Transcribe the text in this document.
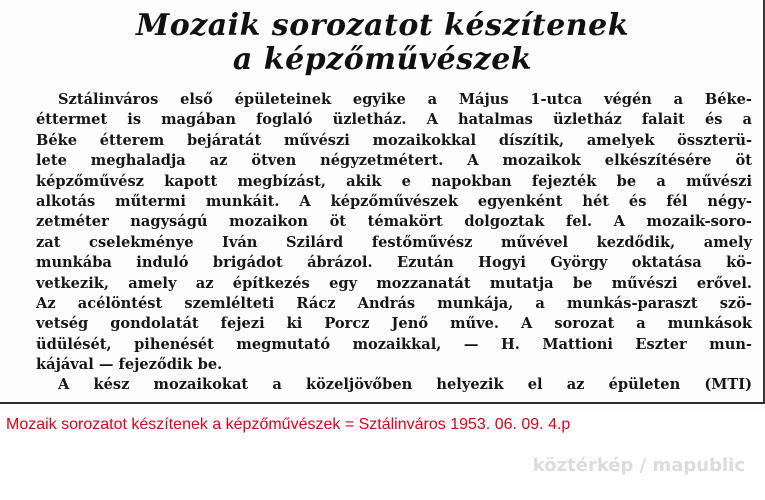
Mozaik sorozatot készítenek
a képzőművészek
Sztálinváros első épületeinek egyike a Május 1-utca végén a Béke-
éttermet is magában foglaló üzletház. A hatalmas üzletház falait és a
Béke étterem bejáratát művészi mozaikokkal díszítik, amelyek összterü-
lete meghaladja az ötven négyzetmétert. A mozaikok elkészítésére öt
képzőművész kapott megbízást, akik e napokban fejezték be a művészi
alkotás műtermi munkáit. A képzőművészek egyenként hét és fél négy-
zetméter nagyságú mozaikon öt témakört dolgoztak fel. A mozaik-soro-
zat cselekménye Iván Szilárd festőművész művével kezdődik, amely
munkába induló brigádot ábrázol. Ezután Hogyi György oktatása kö-
vetkezik, amely az építkezés egy mozzanatát mutatja be művészi erővel.
Az acélöntést szemlélteti Rácz András munkája, a munkás-paraszt szö-
vetség gondolatát fejezi ki Porcz Jenő műve. A sorozat a munkások
üdülését, pihenését megmutató mozaikkal, — H. Mattioni Eszter mun-
kájával — fejeződik be.
A kész mozaikokat a közeljövőben helyezik el az épületen (MTI)
Mozaik sorozatot készítenek a képzőművészek = Sztálinváros 1953. 06. 09. 4.p
köztérkép / mapublic
